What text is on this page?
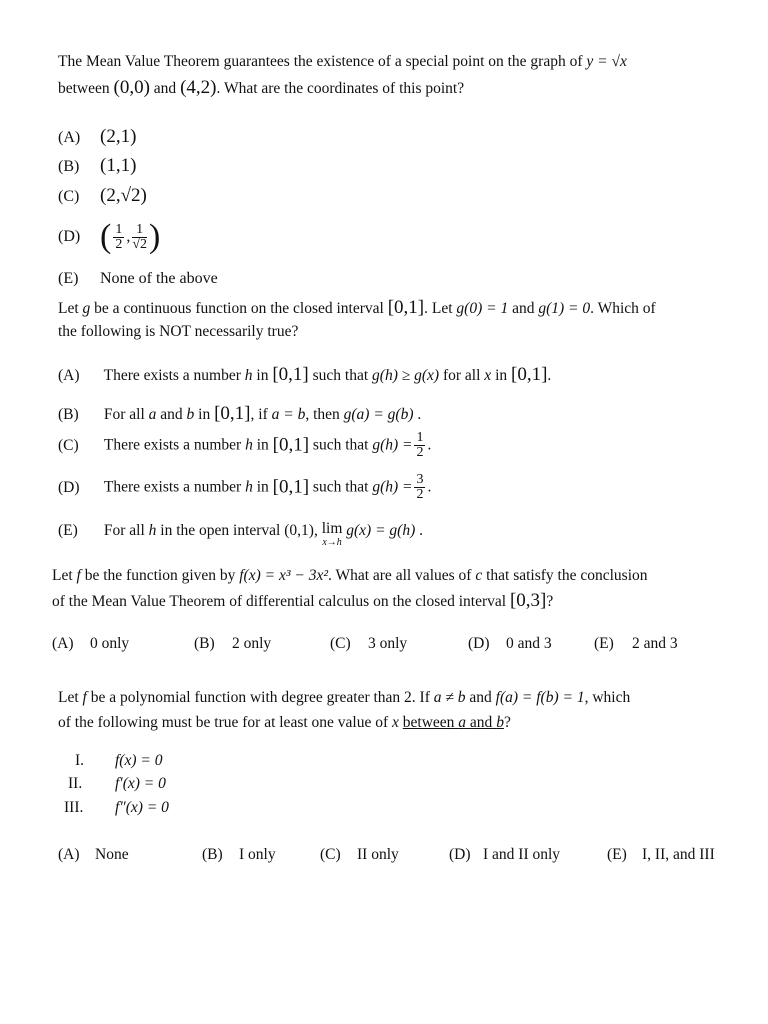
The Mean Value Theorem guarantees the existence of a special point on the graph of y = √x
between (0,0) and (4,2). What are the coordinates of this point?
(A) (2,1)
(B) (1,1)
(C) (2,√2)
(D) ( $\frac{1}{2}$ , $\frac{1}{√2}$ )
(E) None of the above
Let g be a continuous function on the closed interval [0,1]. Let g(0) = 1 and g(1) = 0. Which of
the following is NOT necessarily true?
(A) There exists a number h in [0,1] such that g(h) ≥ g(x) for all x in [0,1].
(B) For all a and b in [0,1], if a = b, then g(a) = g(b) .
(C) There exists a number h in [0,1] such that $g(h) = \frac{1}{2}$ .
(D) There exists a number h in [0,1] such that $g(h) = \frac{3}{2}$ .
(E) For all h in the open interval (0,1), lim
x→h
g(x) = g(h) .
Let f be the function given by f(x) = x³ − 3x². What are all values of c that satisfy the conclusion
of the Mean Value Theorem of differential calculus on the closed interval [0,3]?
(A) 0 only	(B) 2 only	(C) 3 only	(D) 0 and 3	(E) 2 and 3
Let f be a polynomial function with degree greater than 2. If a ≠ b and f(a) = f(b) = 1, which
of the following must be true for at least one value of x between a and b?
I. f(x) = 0
II. f′(x) = 0
III. f″(x) = 0
(A) None	(B) I only	(C) II only	(D) I and II only	(E) I, II, and III
